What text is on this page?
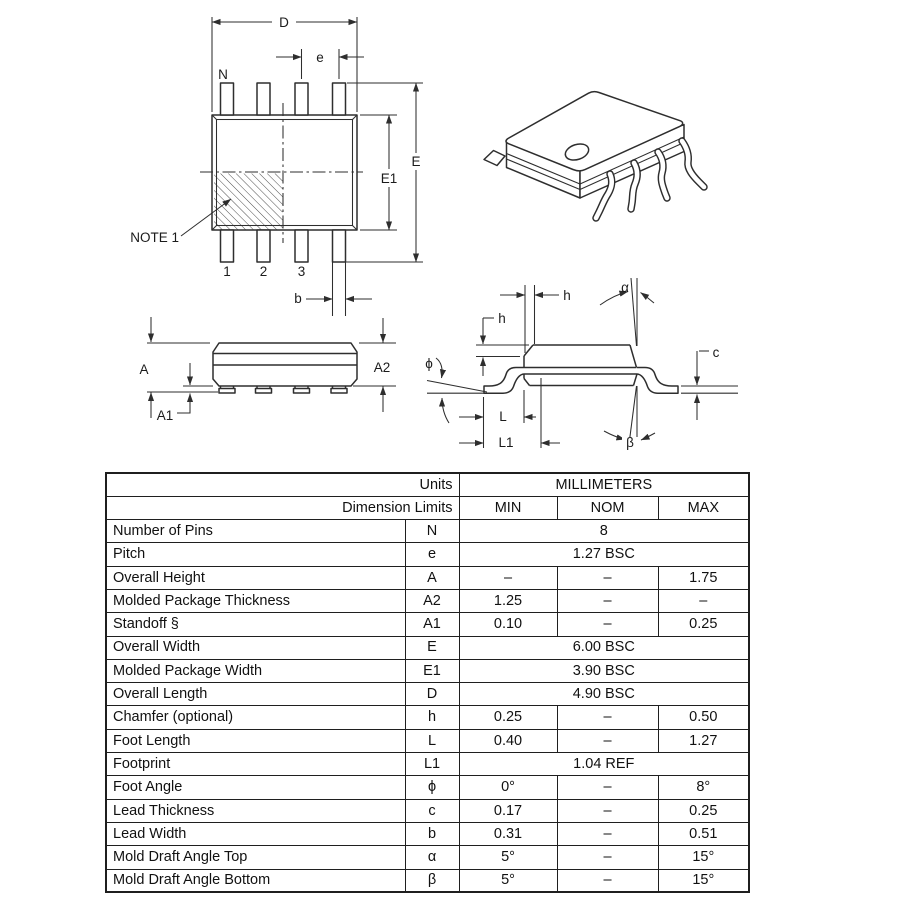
D
e
N
E
E1
1 2 3
b
NOTE 1
A
A1
A2
h
h
α
β
c
ϕ
L
L1
Units		MILLIMETERS		
Dimension Limits		MIN	NOM	MAX
Number of Pins	N	8		
Pitch	e	1.27 BSC		
Overall Height	A	–	–	1.75
Molded Package Thickness	A2	1.25	–	–
Standoff §	A1	0.10	–	0.25
Overall Width	E	6.00 BSC		
Molded Package Width	E1	3.90 BSC		
Overall Length	D	4.90 BSC		
Chamfer (optional)	h	0.25	–	0.50
Foot Length	L	0.40	–	1.27
Footprint	L1	1.04 REF		
Foot Angle	ϕ	0°	–	8°
Lead Thickness	c	0.17	–	0.25
Lead Width	b	0.31	–	0.51
Mold Draft Angle Top	α	5°	–	15°
Mold Draft Angle Bottom	β	5°	–	15°
